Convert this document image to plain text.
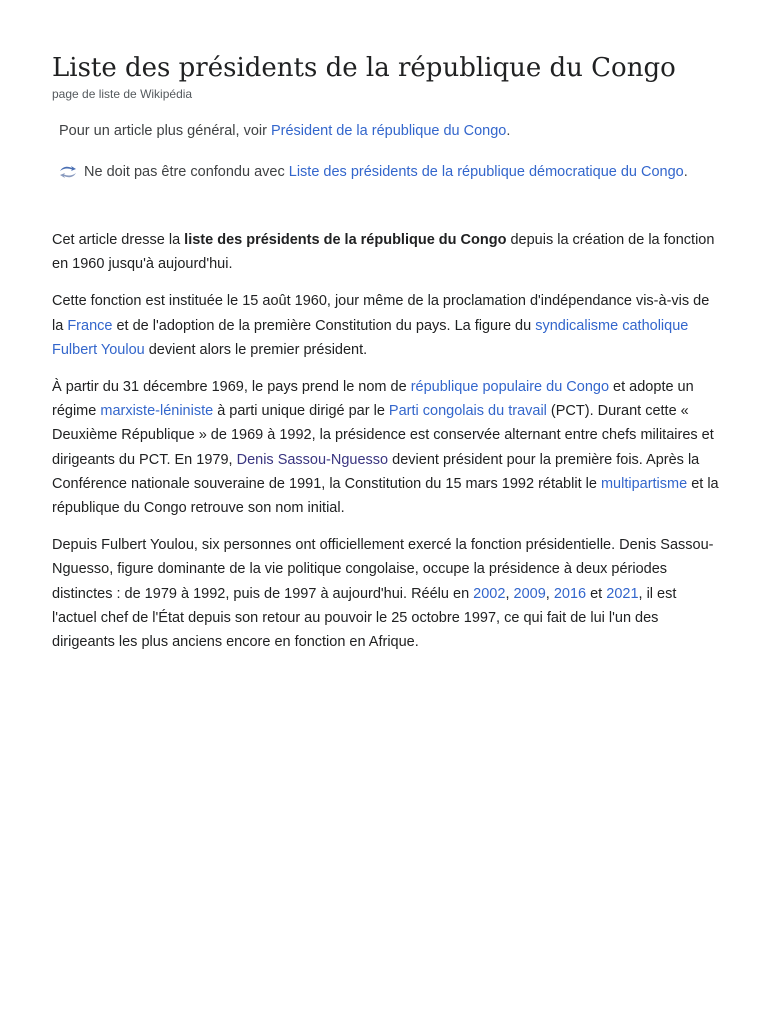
Liste des présidents de la république du Congo
page de liste de Wikipédia
Pour un article plus général, voir Président de la république du Congo.
Ne doit pas être confondu avec Liste des présidents de la république démocratique du Congo.

Cet article dresse la liste des présidents de la république du Congo depuis la création de la fonction en 1960 jusqu'à aujourd'hui.

Cette fonction est instituée le 15 août 1960, jour même de la proclamation d'indépendance vis-à-vis de la France et de l'adoption de la première Constitution du pays. La figure du syndicalisme catholique Fulbert Youlou devient alors le premier président.

À partir du 31 décembre 1969, le pays prend le nom de république populaire du Congo et adopte un régime marxiste-léniniste à parti unique dirigé par le Parti congolais du travail (PCT). Durant cette « Deuxième République » de 1969 à 1992, la présidence est conservée alternant entre chefs militaires et dirigeants du PCT. En 1979, Denis Sassou-Nguesso devient président pour la première fois. Après la Conférence nationale souveraine de 1991, la Constitution du 15 mars 1992 rétablit le multipartisme et la république du Congo retrouve son nom initial.

Depuis Fulbert Youlou, six personnes ont officiellement exercé la fonction présidentielle. Denis Sassou-Nguesso, figure dominante de la vie politique congolaise, occupe la présidence à deux périodes distinctes : de 1979 à 1992, puis de 1997 à aujourd'hui. Réélu en 2002, 2009, 2016 et 2021, il est l'actuel chef de l'État depuis son retour au pouvoir le 25 octobre 1997, ce qui fait de lui l'un des dirigeants les plus anciens encore en fonction en Afrique.
